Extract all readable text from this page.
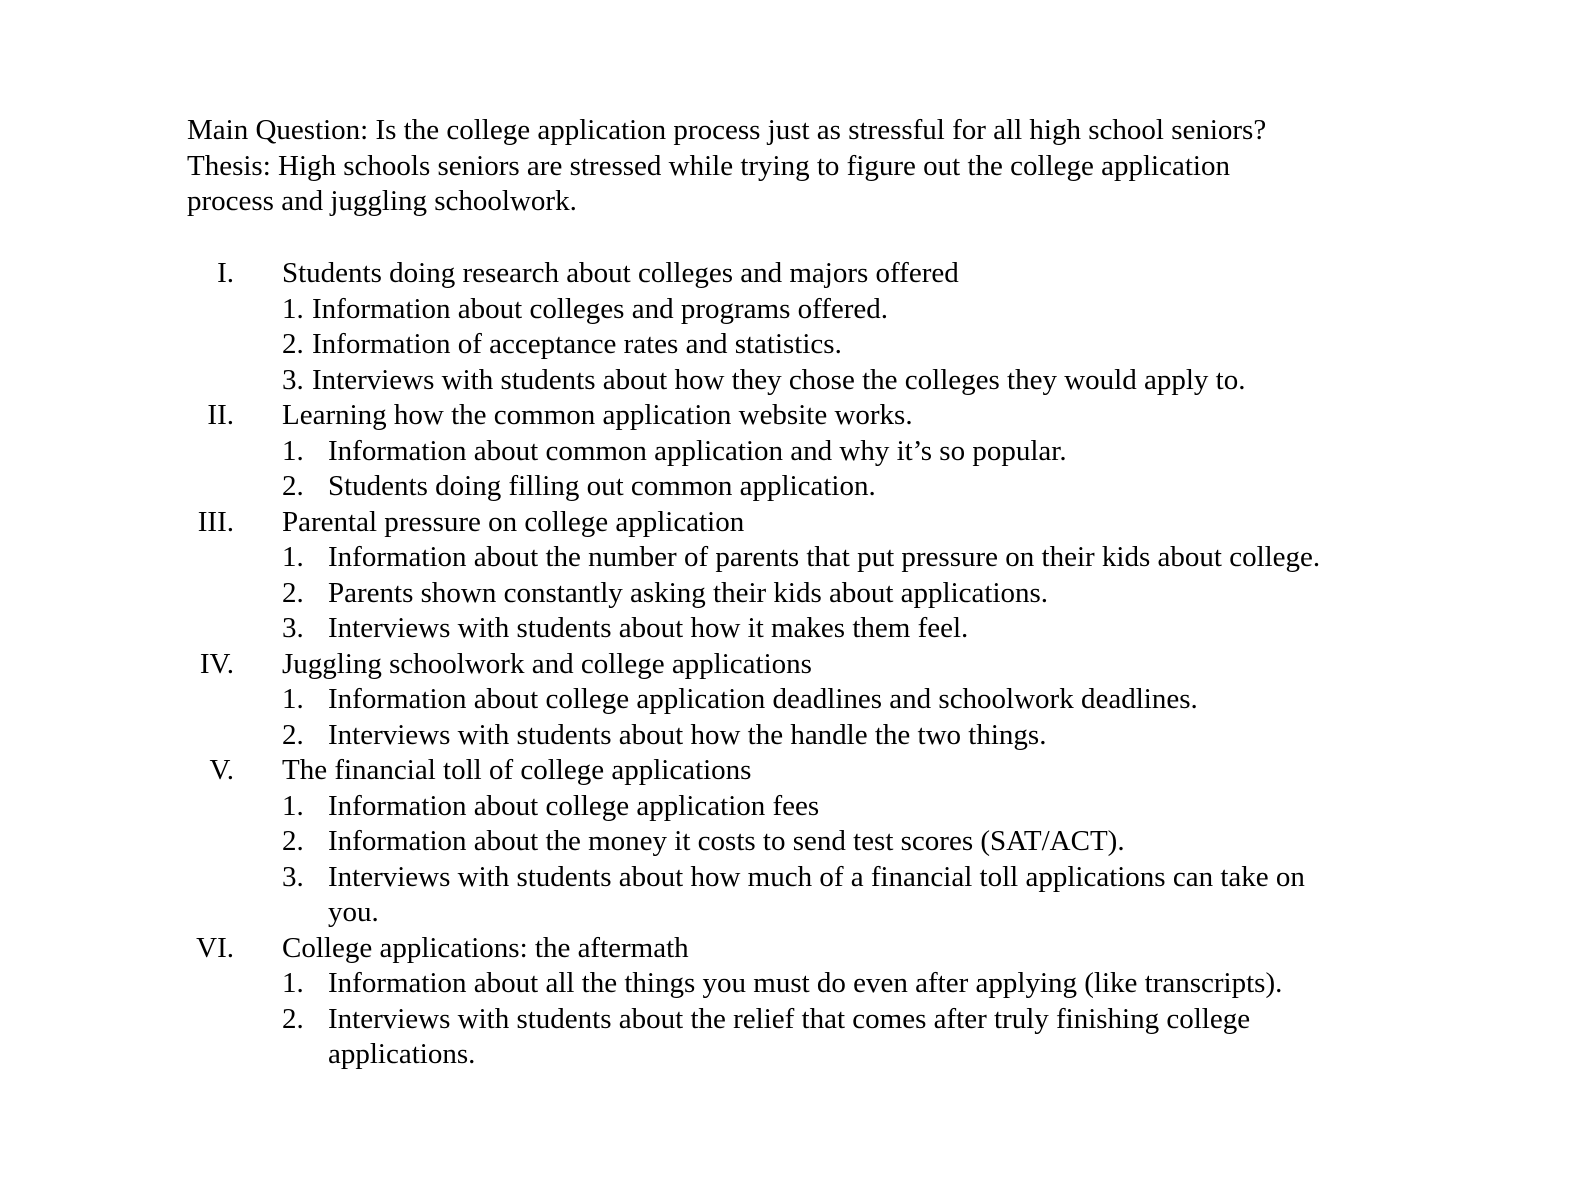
Main Question: Is the college application process just as stressful for all high school seniors?
Thesis: High schools seniors are stressed while trying to figure out the college application
process and juggling schoolwork.
I. Students doing research about colleges and majors offered
1. Information about colleges and programs offered.
2. Information of acceptance rates and statistics.
3. Interviews with students about how they chose the colleges they would apply to.
II. Learning how the common application website works.
1. Information about common application and why it’s so popular.
2. Students doing filling out common application.
III. Parental pressure on college application
1. Information about the number of parents that put pressure on their kids about college.
2. Parents shown constantly asking their kids about applications.
3. Interviews with students about how it makes them feel.
IV. Juggling schoolwork and college applications
1. Information about college application deadlines and schoolwork deadlines.
2. Interviews with students about how the handle the two things.
V. The financial toll of college applications
1. Information about college application fees
2. Information about the money it costs to send test scores (SAT/ACT).
3. Interviews with students about how much of a financial toll applications can take on
you.
VI. College applications: the aftermath
1. Information about all the things you must do even after applying (like transcripts).
2. Interviews with students about the relief that comes after truly finishing college
applications.
